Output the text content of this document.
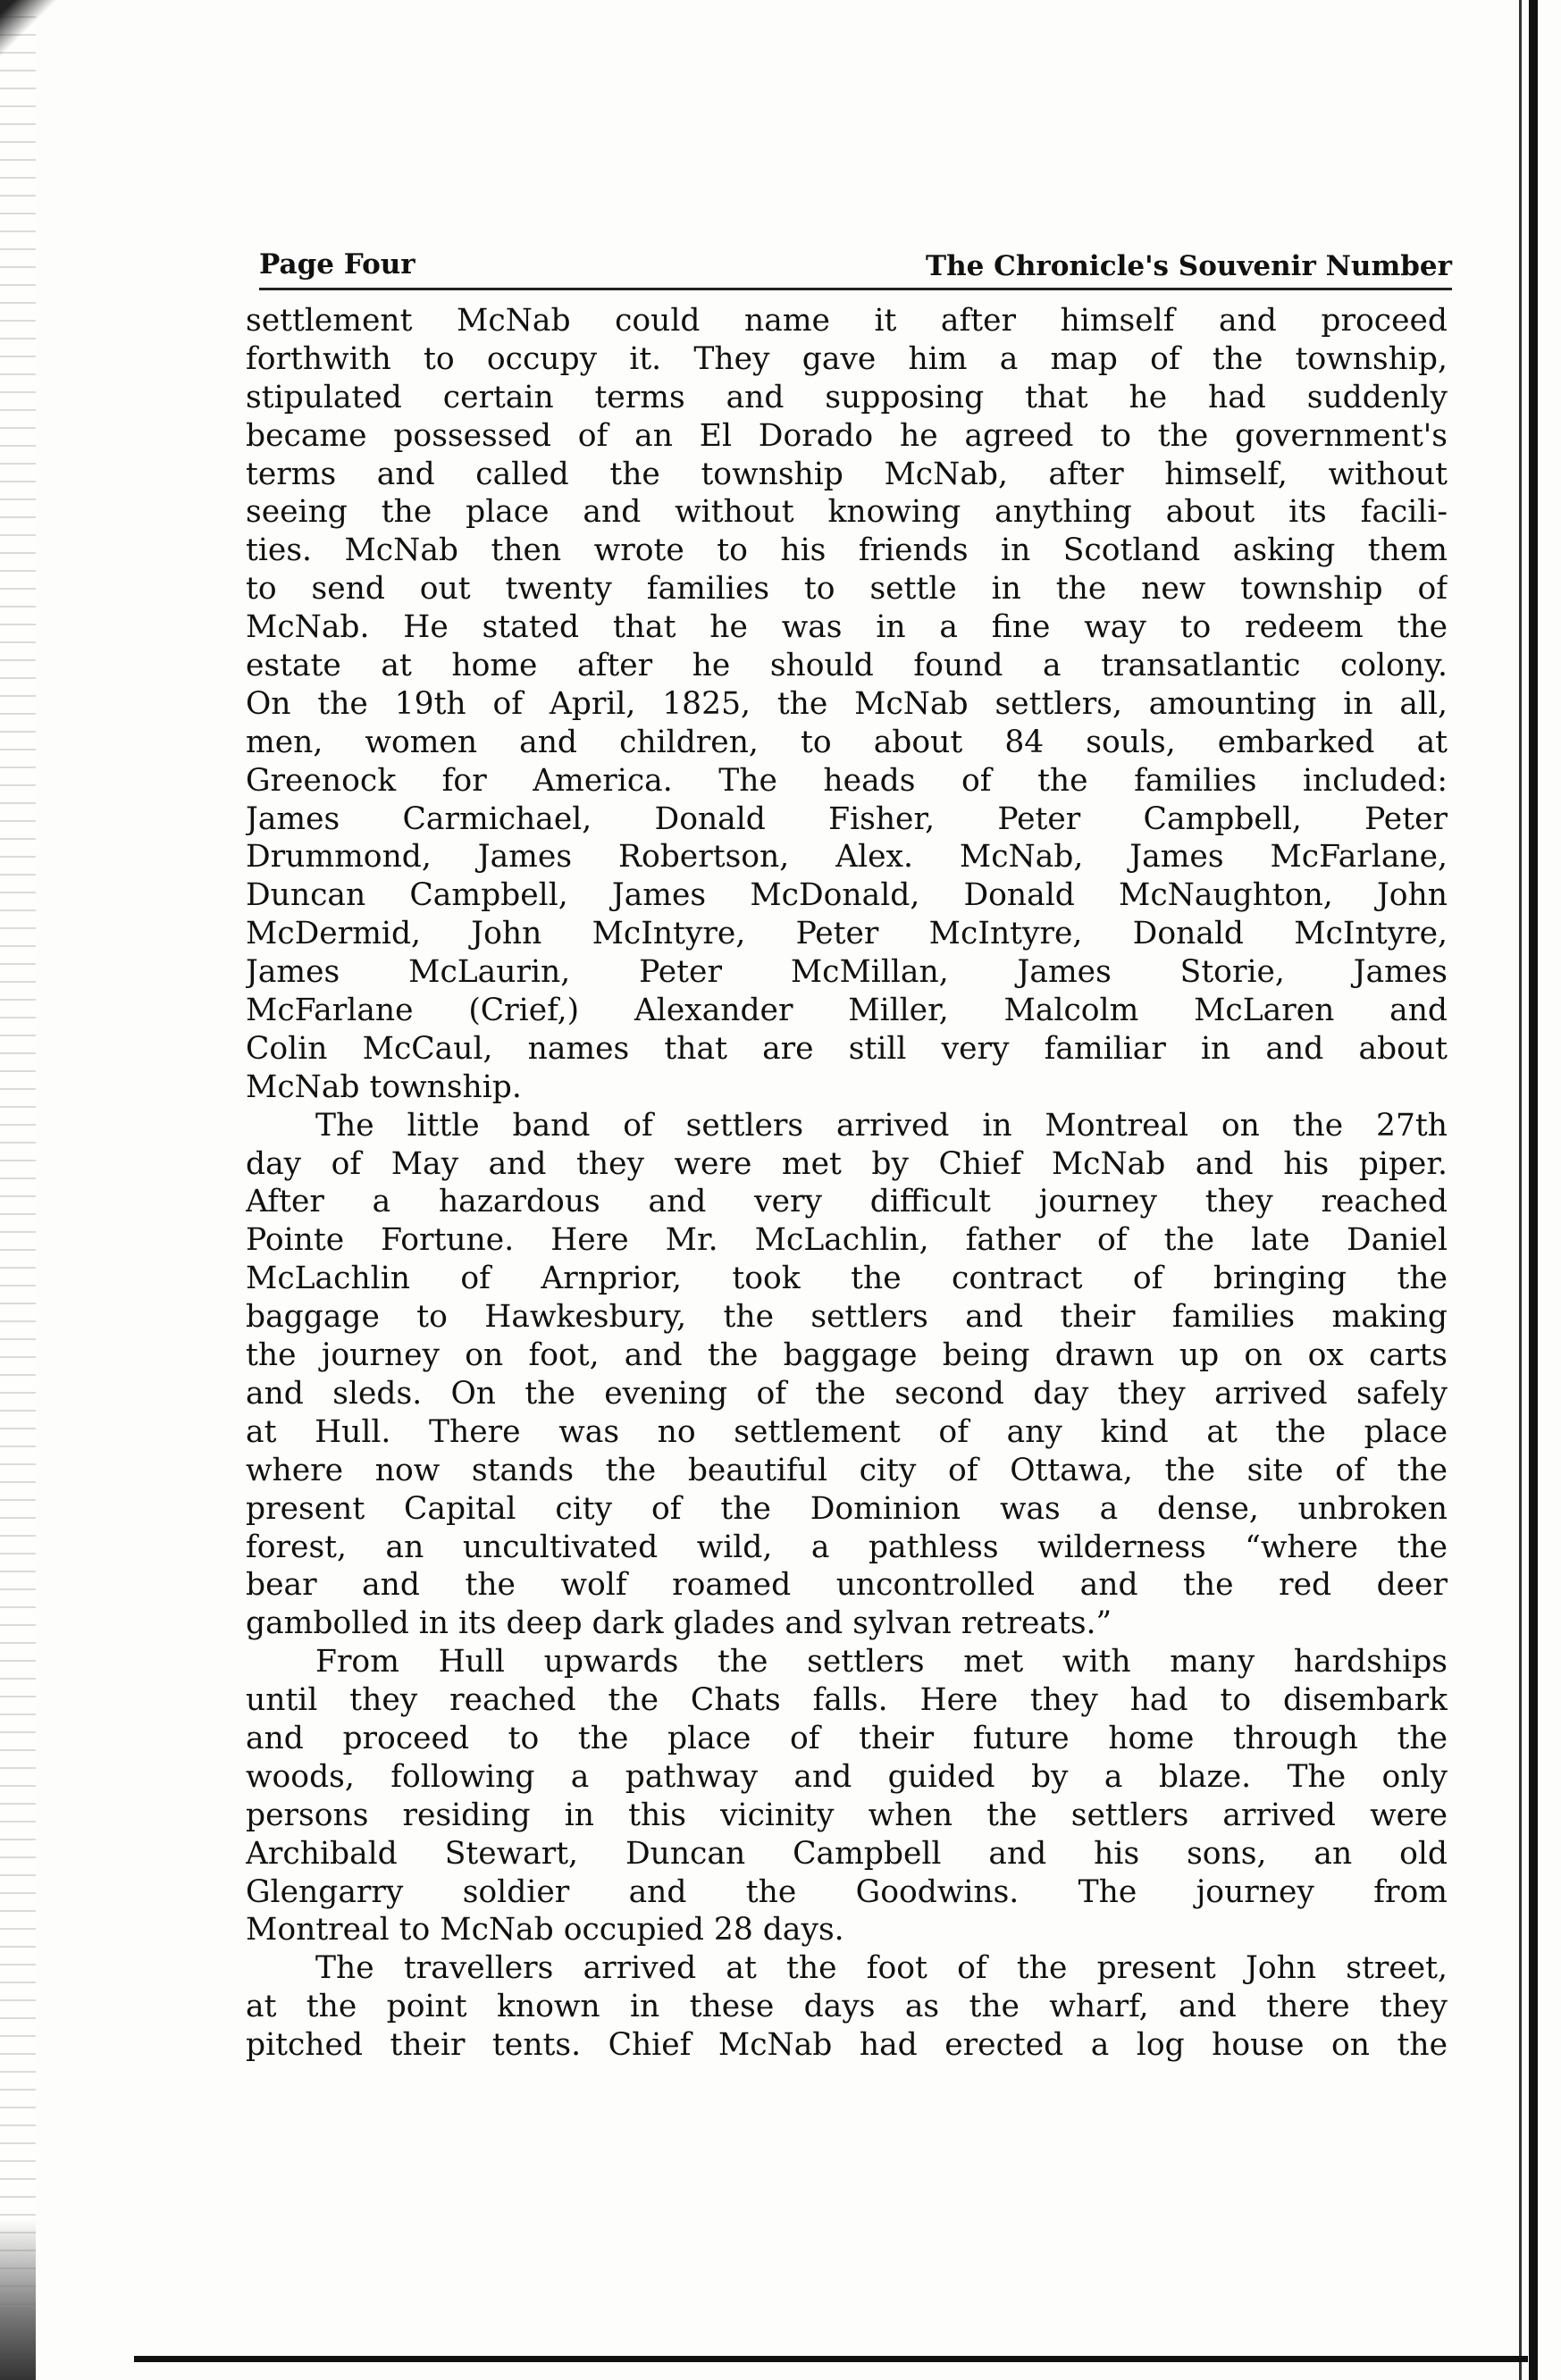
Page Four	The Chronicle's Souvenir Number
settlement McNab could name it after himself and proceed
forthwith to occupy it. They gave him a map of the township,
stipulated certain terms and supposing that he had suddenly
became possessed of an El Dorado he agreed to the government's
terms and called the township McNab, after himself, without
seeing the place and without knowing anything about its facili-
ties. McNab then wrote to his friends in Scotland asking them
to send out twenty families to settle in the new township of
McNab. He stated that he was in a fine way to redeem the
estate at home after he should found a transatlantic colony.
On the 19th of April, 1825, the McNab settlers, amounting in all,
men, women and children, to about 84 souls, embarked at
Greenock for America. The heads of the families included:
James Carmichael, Donald Fisher, Peter Campbell, Peter
Drummond, James Robertson, Alex. McNab, James McFarlane,
Duncan Campbell, James McDonald, Donald McNaughton, John
McDermid, John McIntyre, Peter McIntyre, Donald McIntyre,
James McLaurin, Peter McMillan, James Storie, James
McFarlane (Crief,) Alexander Miller, Malcolm McLaren and
Colin McCaul, names that are still very familiar in and about
McNab township.
The little band of settlers arrived in Montreal on the 27th
day of May and they were met by Chief McNab and his piper.
After a hazardous and very difficult journey they reached
Pointe Fortune. Here Mr. McLachlin, father of the late Daniel
McLachlin of Arnprior, took the contract of bringing the
baggage to Hawkesbury, the settlers and their families making
the journey on foot, and the baggage being drawn up on ox carts
and sleds. On the evening of the second day they arrived safely
at Hull. There was no settlement of any kind at the place
where now stands the beautiful city of Ottawa, the site of the
present Capital city of the Dominion was a dense, unbroken
forest, an uncultivated wild, a pathless wilderness “where the
bear and the wolf roamed uncontrolled and the red deer
gambolled in its deep dark glades and sylvan retreats.”
From Hull upwards the settlers met with many hardships
until they reached the Chats falls. Here they had to disembark
and proceed to the place of their future home through the
woods, following a pathway and guided by a blaze. The only
persons residing in this vicinity when the settlers arrived were
Archibald Stewart, Duncan Campbell and his sons, an old
Glengarry soldier and the Goodwins. The journey from
Montreal to McNab occupied 28 days.
The travellers arrived at the foot of the present John street,
at the point known in these days as the wharf, and there they
pitched their tents. Chief McNab had erected a log house on the
